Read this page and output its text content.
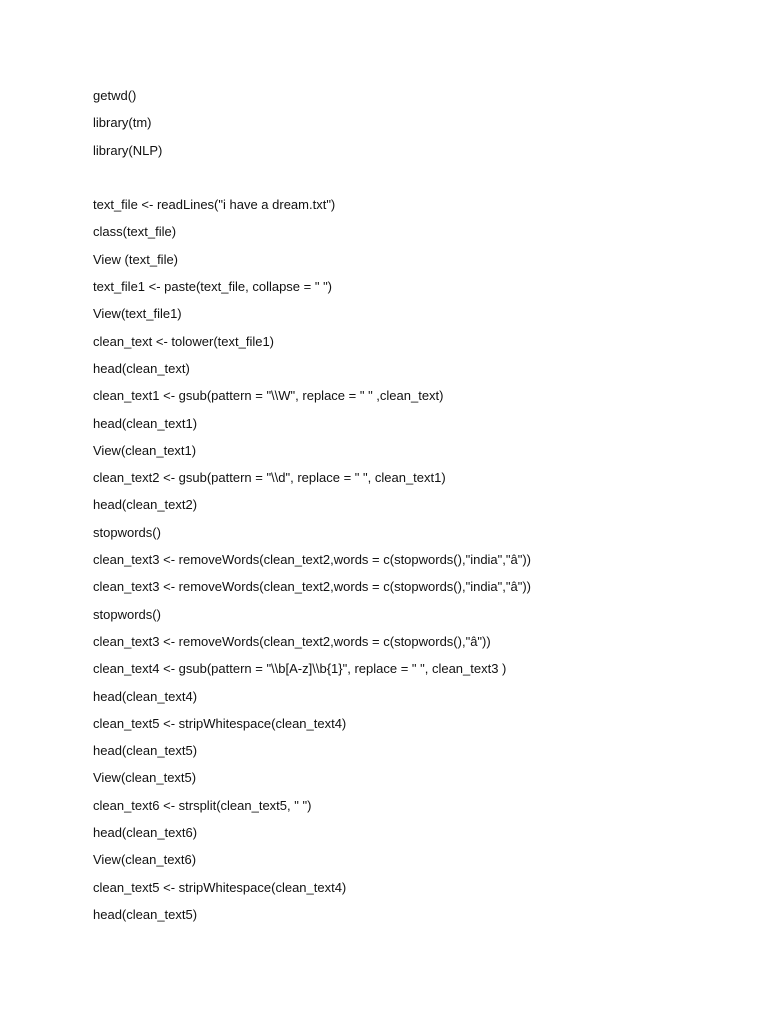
getwd()
library(tm)
library(NLP)
text_file <- readLines("i have a dream.txt")
class(text_file)
View (text_file)
text_file1 <- paste(text_file, collapse = " ")
View(text_file1)
clean_text <- tolower(text_file1)
head(clean_text)
clean_text1 <- gsub(pattern = "\\W", replace = " " ,clean_text)
head(clean_text1)
View(clean_text1)
clean_text2 <- gsub(pattern = "\\d", replace = " ", clean_text1)
head(clean_text2)
stopwords()
clean_text3 <- removeWords(clean_text2,words = c(stopwords(),"india","â"))
clean_text3 <- removeWords(clean_text2,words = c(stopwords(),"india","â"))
stopwords()
clean_text3 <- removeWords(clean_text2,words = c(stopwords(),"â"))
clean_text4 <- gsub(pattern = "\\b[A-z]\\b{1}", replace = " ", clean_text3 )
head(clean_text4)
clean_text5 <- stripWhitespace(clean_text4)
head(clean_text5)
View(clean_text5)
clean_text6 <- strsplit(clean_text5, " ")
head(clean_text6)
View(clean_text6)
clean_text5 <- stripWhitespace(clean_text4)
head(clean_text5)
